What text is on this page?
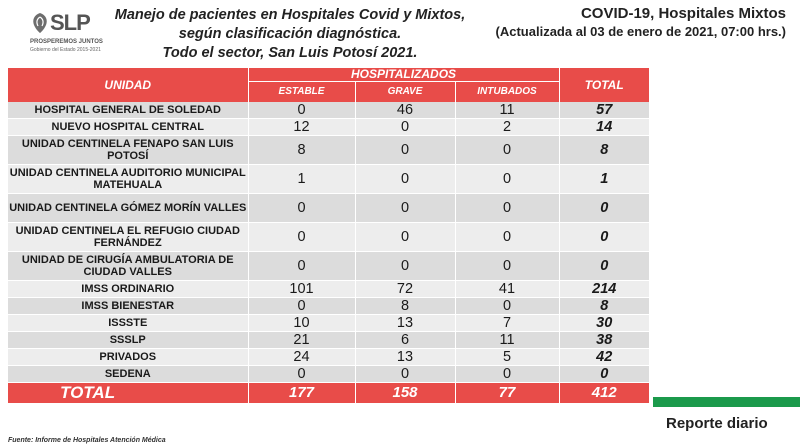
SLP
PROSPEREMOS JUNTOS
Gobierno del Estado 2015-2021
Manejo de pacientes en Hospitales Covid y Mixtos,
según clasificación diagnóstica.
Todo el sector, San Luis Potosí 2021.
COVID-19, Hospitales Mixtos
(Actualizada al 03 de enero de 2021, 07:00 hrs.)
UNIDAD	HOSPITALIZADOS			TOTAL
	ESTABLE	GRAVE	INTUBADOS	
HOSPITAL GENERAL DE SOLEDAD	0	46	11	57
NUEVO HOSPITAL CENTRAL	12	0	2	14
UNIDAD CENTINELA FENAPO SAN LUIS POTOSÍ	8	0	0	8
UNIDAD CENTINELA AUDITORIO MUNICIPAL MATEHUALA	1	0	0	1
UNIDAD CENTINELA GÓMEZ MORÍN VALLES	0	0	0	0
UNIDAD CENTINELA EL REFUGIO CIUDAD FERNÁNDEZ	0	0	0	0
UNIDAD DE CIRUGÍA AMBULATORIA DE CIUDAD VALLES	0	0	0	0
IMSS ORDINARIO	101	72	41	214
IMSS BIENESTAR	0	8	0	8
ISSSTE	10	13	7	30
SSSLP	21	6	11	38
PRIVADOS	24	13	5	42
SEDENA	0	0	0	0
TOTAL	177	158	77	412
Reporte diario
Fuente: Informe de Hospitales Atención Médica
